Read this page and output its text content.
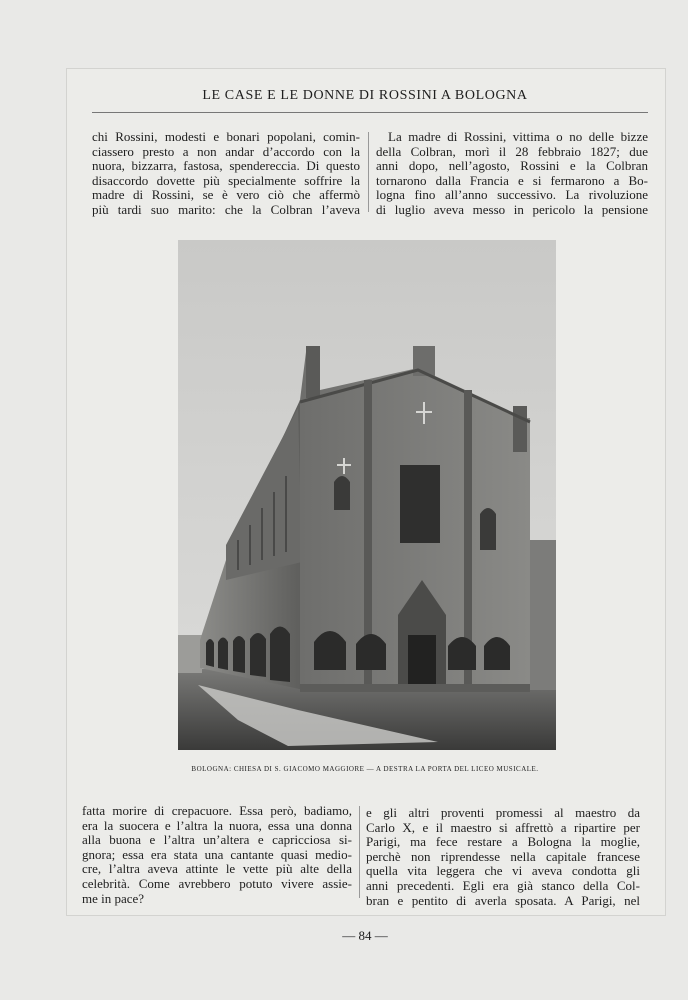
LE CASE E LE DONNE DI ROSSINI A BOLOGNA
chi Rossini, modesti e bonari popolani, comin-
ciassero presto a non andar d’accordo con la
nuora, bizzarra, fastosa, spendereccia. Di questo
disaccordo dovette più specialmente soffrire la
madre di Rossini, se è vero ciò che affermò
più tardi suo marito: che la Colbran l’aveva
La madre di Rossini, vittima o no delle bizze
della Colbran, morì il 28 febbraio 1827; due
anni dopo, nell’agosto, Rossini e la Colbran
tornarono dalla Francia e si fermarono a Bo-
logna fino all’anno successivo. La rivoluzione
di luglio aveva messo in pericolo la pensione
BOLOGNA: CHIESA DI S. GIACOMO MAGGIORE — A DESTRA LA PORTA DEL LICEO MUSICALE.
fatta morire di crepacuore. Essa però, badiamo,
era la suocera e l’altra la nuora, essa una donna
alla buona e l’altra un’altera e capricciosa si-
gnora; essa era stata una cantante quasi medio-
cre, l’altra aveva attinte le vette più alte della
celebrità. Come avrebbero potuto vivere assie-
me in pace?
e gli altri proventi promessi al maestro da
Carlo X, e il maestro si affrettò a ripartire per
Parigi, ma fece restare a Bologna la moglie,
perchè non riprendesse nella capitale francese
quella vita leggera che vi aveva condotta gli
anni precedenti. Egli era già stanco della Col-
bran e pentito di averla sposata. A Parigi, nel
— 84 —
